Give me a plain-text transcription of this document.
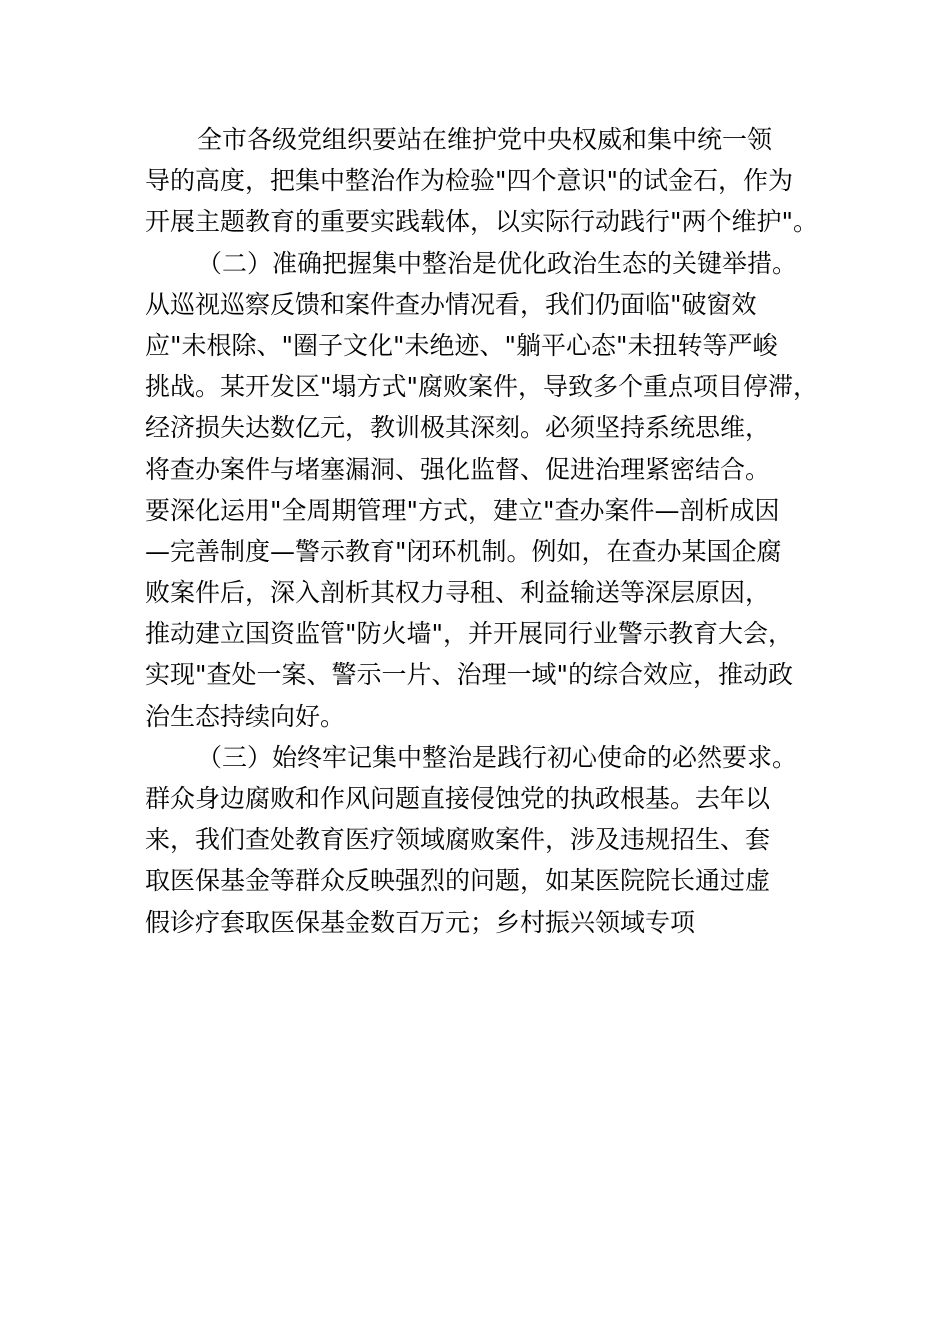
全市各级党组织要站在维护党中央权威和集中统一领
导的高度，把集中整治作为检验"四个意识"的试金石，作为
开展主题教育的重要实践载体，以实际行动践行"两个维护"。
（二）准确把握集中整治是优化政治生态的关键举措。
从巡视巡察反馈和案件查办情况看，我们仍面临"破窗效
应"未根除、"圈子文化"未绝迹、"躺平心态"未扭转等严峻
挑战。某开发区"塌方式"腐败案件，导致多个重点项目停滞，
经济损失达数亿元，教训极其深刻。必须坚持系统思维，
将查办案件与堵塞漏洞、强化监督、促进治理紧密结合。
要深化运用"全周期管理"方式，建立"查办案件—剖析成因
—完善制度—警示教育"闭环机制。例如，在查办某国企腐
败案件后，深入剖析其权力寻租、利益输送等深层原因，
推动建立国资监管"防火墙"，并开展同行业警示教育大会，
实现"查处一案、警示一片、治理一域"的综合效应，推动政
治生态持续向好。
（三）始终牢记集中整治是践行初心使命的必然要求。
群众身边腐败和作风问题直接侵蚀党的执政根基。去年以
来，我们查处教育医疗领域腐败案件，涉及违规招生、套
取医保基金等群众反映强烈的问题，如某医院院长通过虚
假诊疗套取医保基金数百万元；乡村振兴领域专项
